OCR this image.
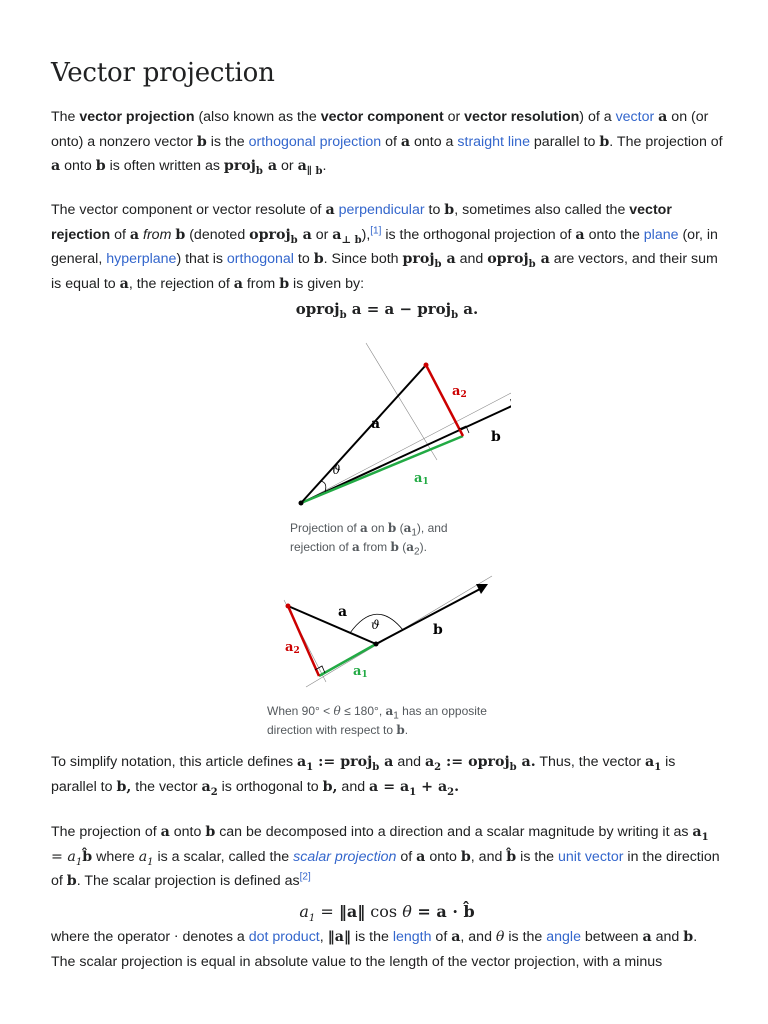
Vector projection

The vector projection (also known as the vector component or vector resolution) of a vector a on (or onto) a nonzero vector b is the orthogonal projection of a onto a straight line parallel to b. The projection of a onto b is often written as proj$_b$ a or $a_{\parallel b}$.

The vector component or vector resolute of a perpendicular to b, sometimes also called the vector rejection of a from b (denoted oproj$_b$ a or $a_{\perp b}),[1]$ is the orthogonal projection of a onto the plane (or, in general, hyperplane) that is orthogonal to b. Since both proj$_b$ a and oproj$_b$ a are vectors, and their sum is equal to a, the rejection of a from b is given by:

oproj$_b$ a = a − proj$_b$ a.
a
b
a1
a2
ϑ
Projection of a on b $(a_1)$, and
rejection of a from b $(a_2)$.
a
b
a1
a2
ϑ
When 90° < θ ≤ 180°, $a_1$ has an opposite
direction with respect to b.

To simplify notation, this article defines $a_1$ := proj$_b$ a and $a_2$ := oproj$_b$ a. Thus, the vector $a_1$ is parallel to b, the vector $a_2$ is orthogonal to b, and $a = a_1 + a_2$.

The projection of a onto b can be decomposed into a direction and a scalar magnitude by writing it as $a_1$ = $a_1b̂$ where $a_1$ is a scalar, called the scalar projection of a onto b, and b̂ is the unit vector in the direction of b. The scalar projection is defined as[2]

$a_1$ = ‖a‖ cos θ = a · b̂

where the operator ⋅ denotes a dot product, ‖a‖ is the length of a, and θ is the angle between a and b. The scalar projection is equal in absolute value to the length of the vector projection, with a minus
